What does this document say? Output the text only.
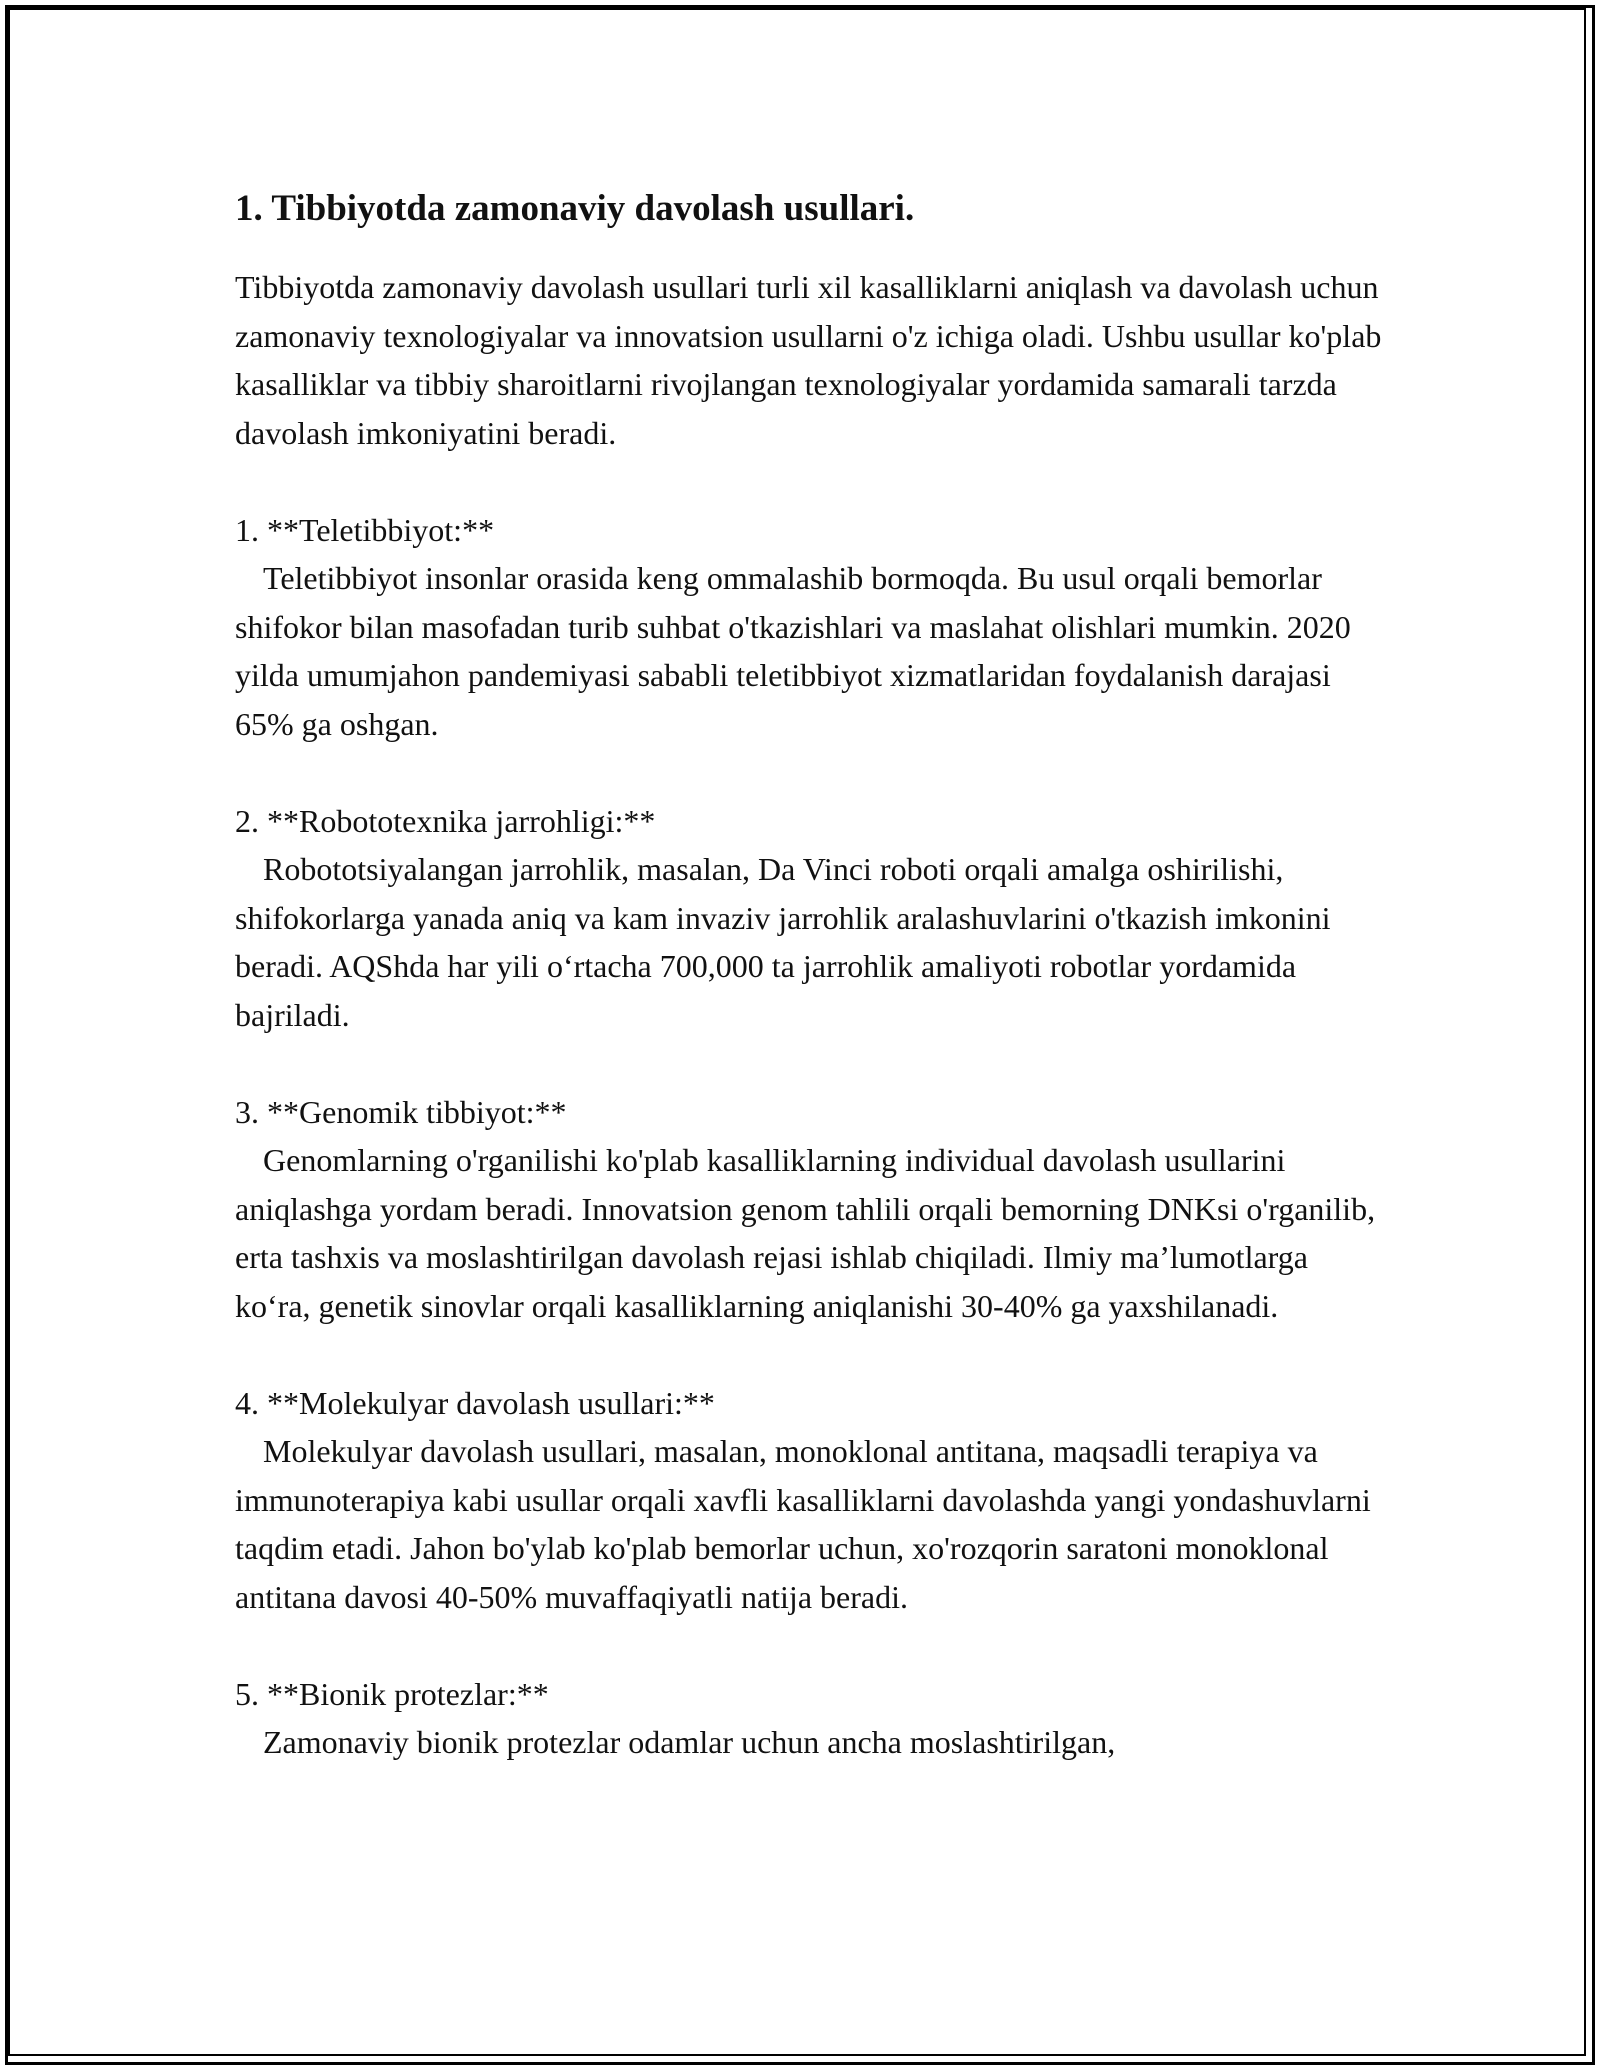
1. Tibbiyotda zamonaviy davolash usullari.

Tibbiyotda zamonaviy davolash usullari turli xil kasalliklarni aniqlash va davolash uchun zamonaviy texnologiyalar va innovatsion usullarni o'z ichiga oladi. Ushbu usullar ko'plab kasalliklar va tibbiy sharoitlarni rivojlangan texnologiyalar yordamida samarali tarzda davolash imkoniyatini beradi.

1. **Teletibbiyot:**
Teletibbiyot insonlar orasida keng ommalashib bormoqda. Bu usul orqali bemorlar shifokor bilan masofadan turib suhbat o'tkazishlari va maslahat olishlari mumkin. 2020 yilda umumjahon pandemiyasi sababli teletibbiyot xizmatlaridan foydalanish darajasi 65% ga oshgan.
2. **Robototexnika jarrohligi:**
Robototsiyalangan jarrohlik, masalan, Da Vinci roboti orqali amalga oshirilishi, shifokorlarga yanada aniq va kam invaziv jarrohlik aralashuvlarini o'tkazish imkonini beradi. AQShda har yili o‘rtacha 700,000 ta jarrohlik amaliyoti robotlar yordamida bajriladi.
3. **Genomik tibbiyot:**
Genomlarning o'rganilishi ko'plab kasalliklarning individual davolash usullarini aniqlashga yordam beradi. Innovatsion genom tahlili orqali bemorning DNKsi o'rganilib, erta tashxis va moslashtirilgan davolash rejasi ishlab chiqiladi. Ilmiy ma’lumotlarga ko‘ra, genetik sinovlar orqali kasalliklarning aniqlanishi 30-40% ga yaxshilanadi.
4. **Molekulyar davolash usullari:**
Molekulyar davolash usullari, masalan, monoklonal antitana, maqsadli terapiya va immunoterapiya kabi usullar orqali xavfli kasalliklarni davolashda yangi yondashuvlarni taqdim etadi. Jahon bo'ylab ko'plab bemorlar uchun, xo'rozqorin saratoni monoklonal antitana davosi 40-50% muvaffaqiyatli natija beradi.
5. **Bionik protezlar:**
Zamonaviy bionik protezlar odamlar uchun ancha moslashtirilgan,
